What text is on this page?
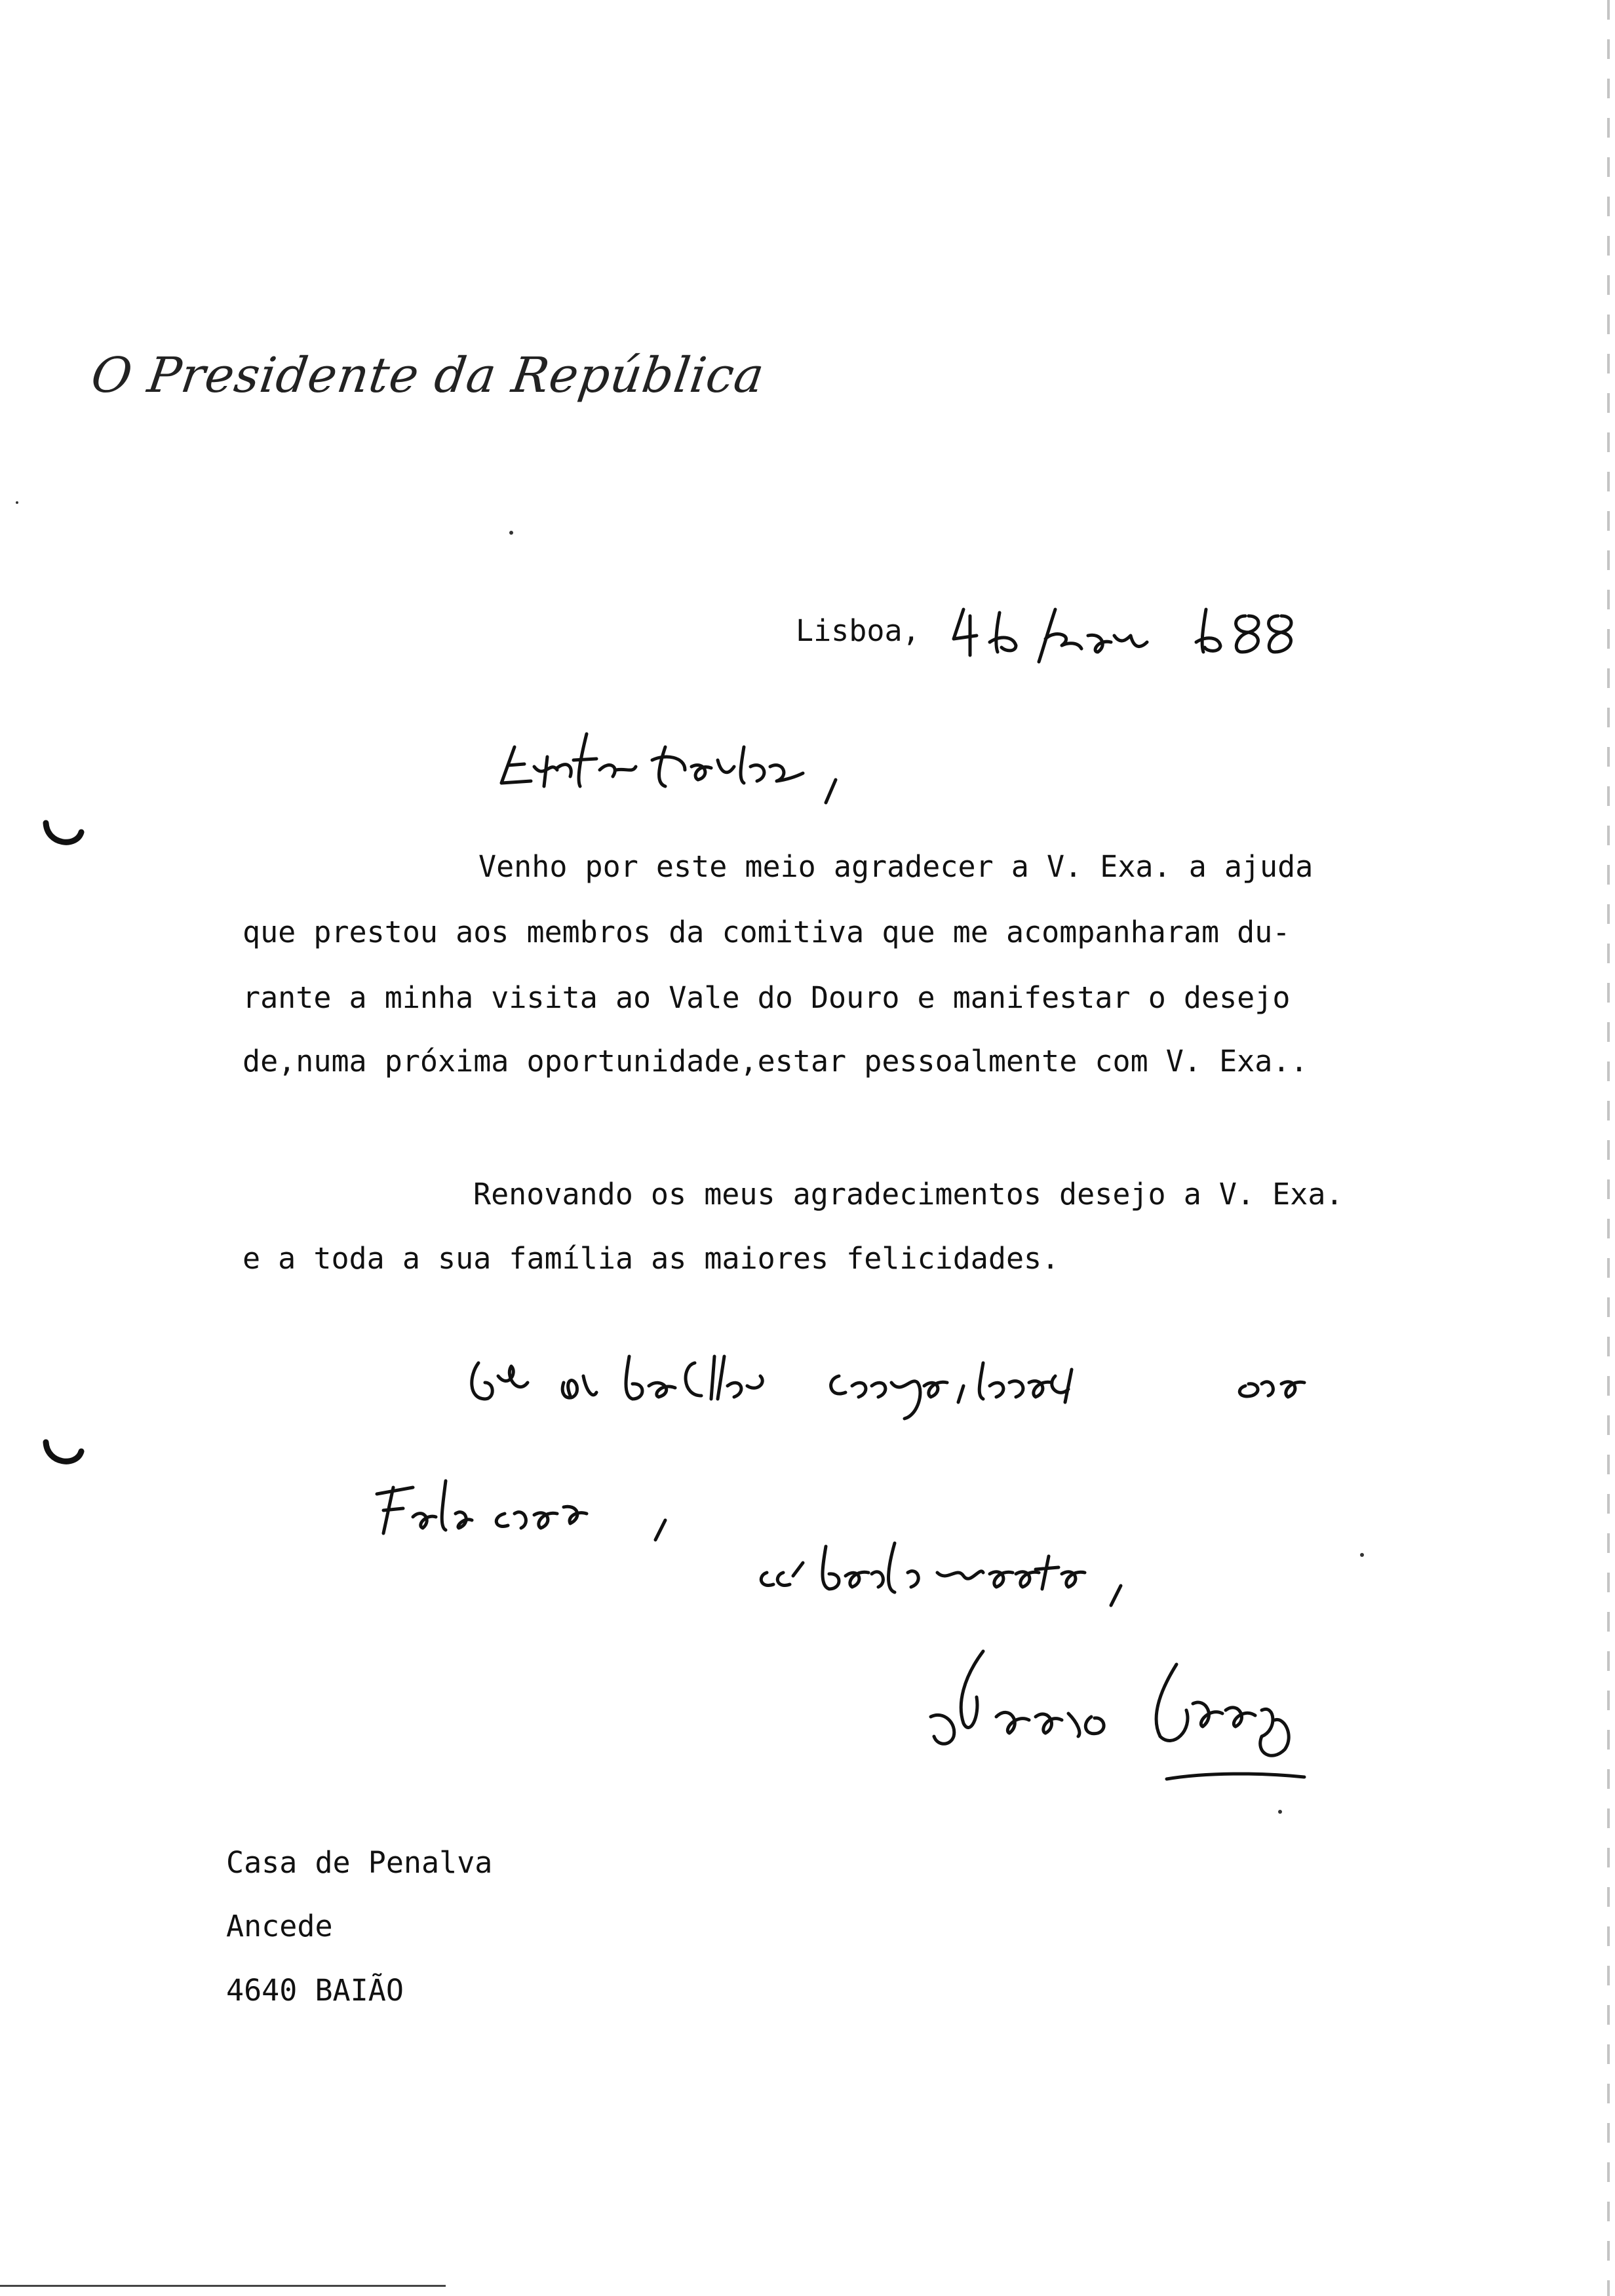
O Presidente da República
Lisboa,
Venho por este meio agradecer a V. Exa. a ajuda
que prestou aos membros da comitiva que me acompanharam du-
rante a minha visita ao Vale do Douro e manifestar o desejo
de,numa próxima oportunidade,estar pessoalmente com V. Exa..
Renovando os meus agradecimentos desejo a V. Exa.
e a toda a sua família as maiores felicidades.
Casa de Penalva
Ancede
4640 BAIÃO
